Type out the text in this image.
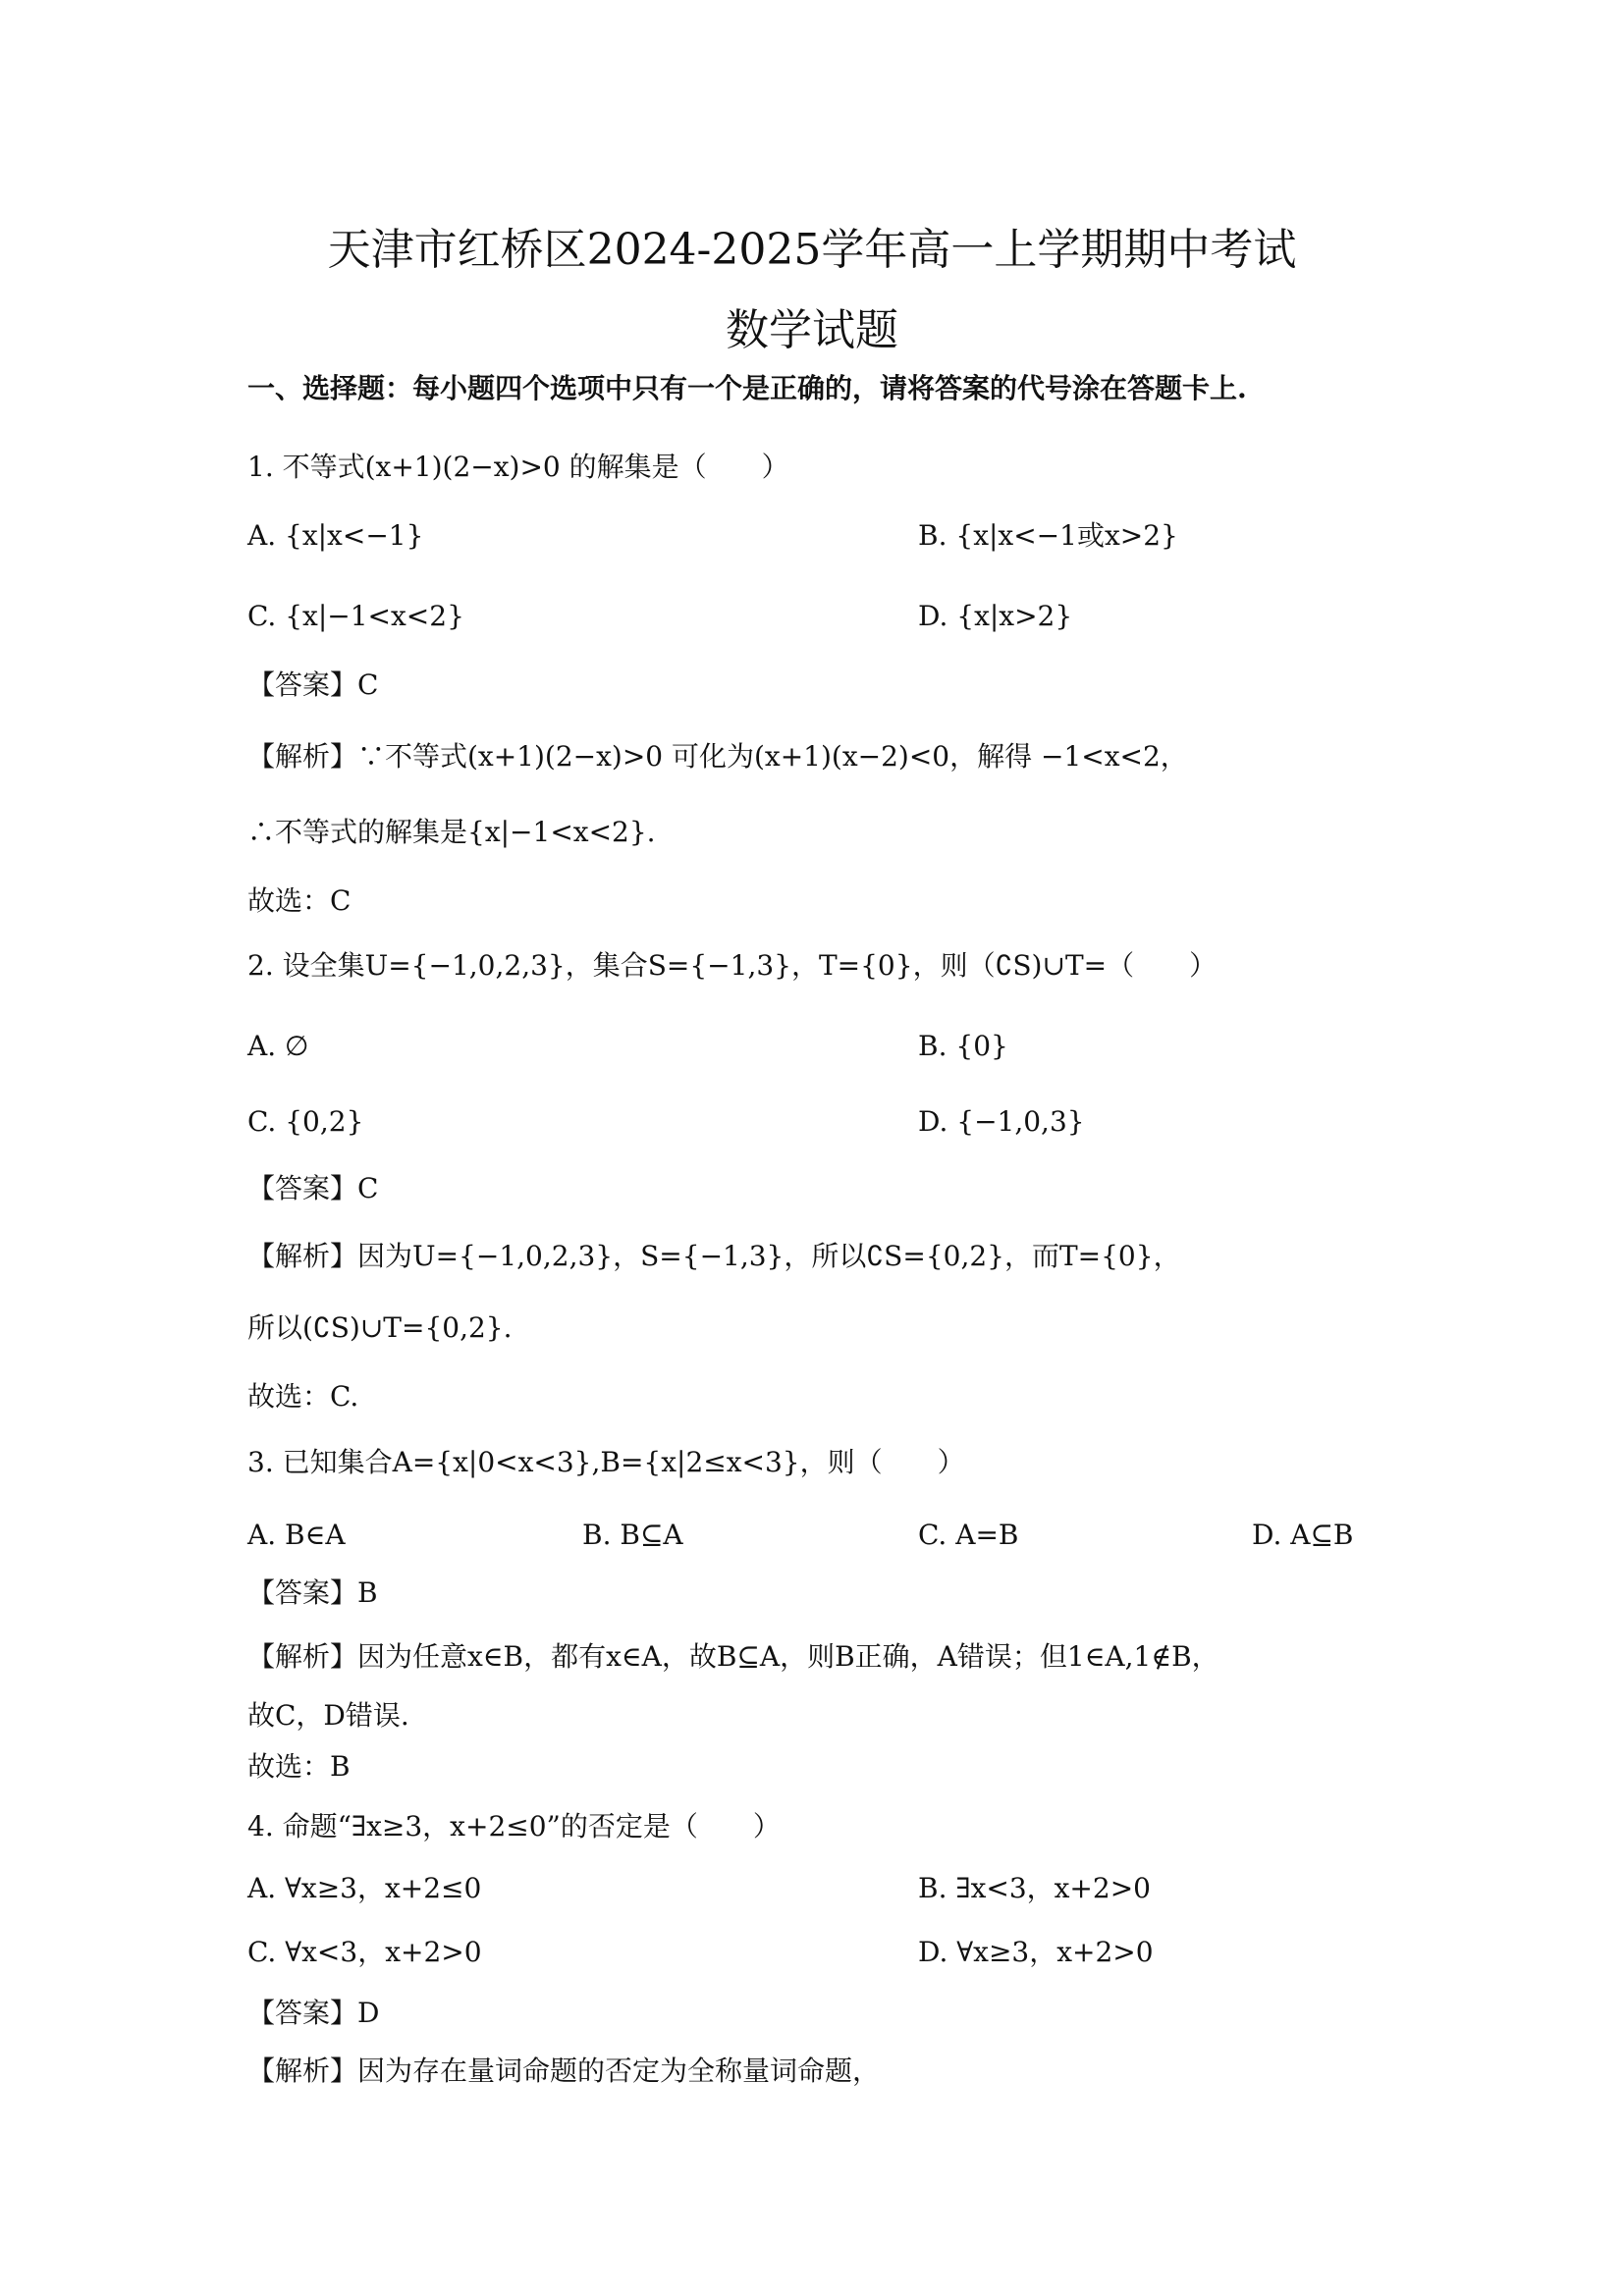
天津市红桥区2024-2025学年高一上学期期中考试
数学试题
一、选择题：每小题四个选项中只有一个是正确的，请将答案的代号涂在答题卡上.
1. 不等式(x+1)(2−x)>0 的解集是（　　）
A. {x|x<−1}	B. {x|x<−1或x>2}
C. {x|−1<x<2}	D. {x|x>2}
【答案】C
【解析】∵不等式(x+1)(2−x)>0 可化为(x+1)(x−2)<0，解得 −1<x<2，
∴不等式的解集是{x|−1<x<2}.
故选：C
2. 设全集U={−1,0,2,3}，集合S={−1,3}，T={0}，则（∁S)∪T=（　　）
A. ∅	B. {0}
C. {0,2}	D. {−1,0,3}
【答案】C
【解析】因为U={−1,0,2,3}，S={−1,3}，所以∁S={0,2}，而T={0}，
所以(∁S)∪T={0,2}.
故选：C.
3. 已知集合A={x|0<x<3},B={x|2≤x<3}，则（　　）
A. B∈A	B. B⊆A	C. A=B	D. A⊆B
【答案】B
【解析】因为任意x∈B，都有x∈A，故B⊆A，则B正确，A错误；但1∈A,1∉B，
故C，D错误.
故选：B
4. 命题“∃x≥3，x+2≤0”的否定是（　　）
A. ∀x≥3，x+2≤0	B. ∃x<3，x+2>0
C. ∀x<3，x+2>0	D. ∀x≥3，x+2>0
【答案】D
【解析】因为存在量词命题的否定为全称量词命题，
